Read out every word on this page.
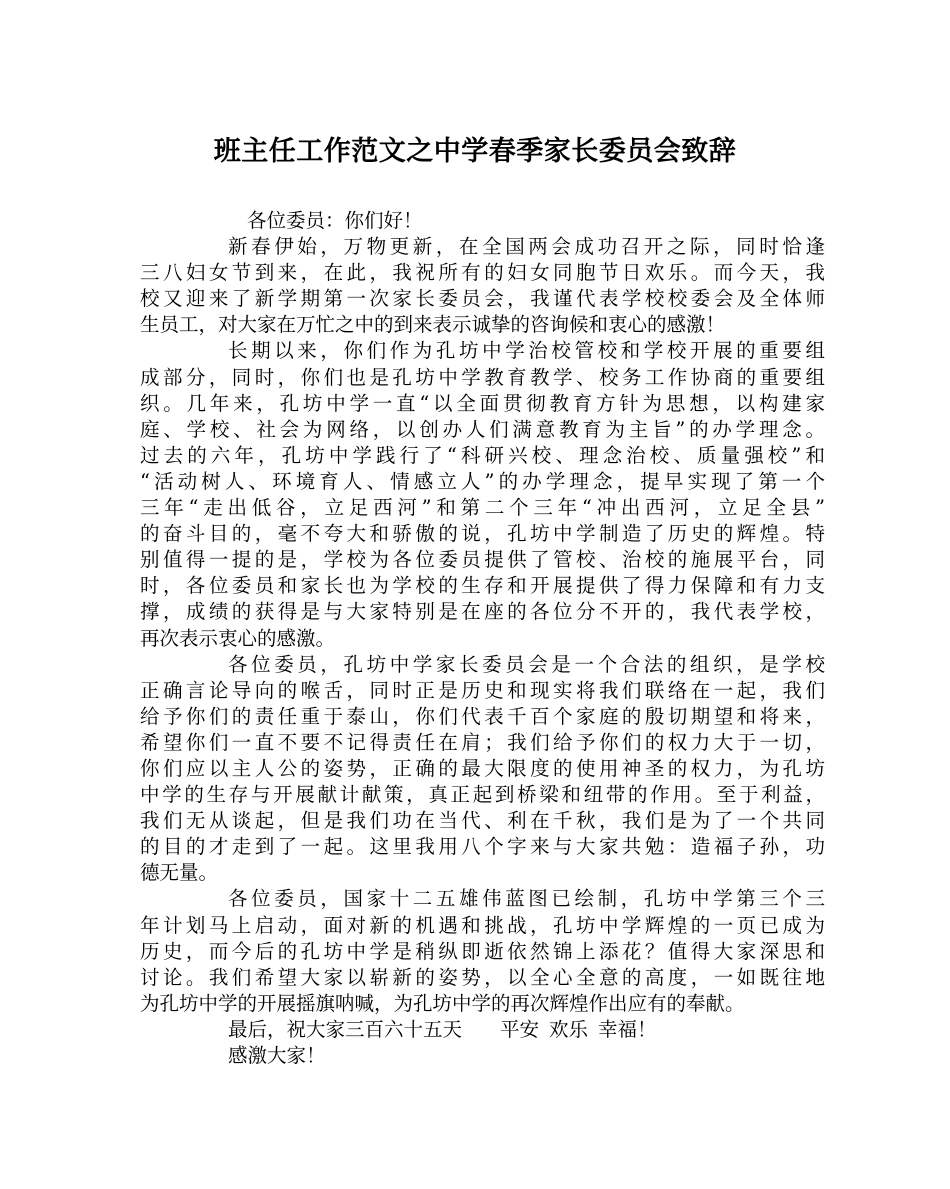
班主任工作范文之中学春季家长委员会致辞
各位委员：你们好！
新春伊始，万物更新，在全国两会成功召开之际，同时恰逢
三八妇女节到来，在此，我祝所有的妇女同胞节日欢乐。而今天，我
校又迎来了新学期第一次家长委员会，我谨代表学校校委会及全体师
生员工，对大家在万忙之中的到来表示诚挚的咨询候和衷心的感激！
长期以来，你们作为孔坊中学治校管校和学校开展的重要组
成部分，同时，你们也是孔坊中学教育教学、校务工作协商的重要组
织。几年来，孔坊中学一直“以全面贯彻教育方针为思想，以构建家
庭、学校、社会为网络，以创办人们满意教育为主旨”的办学理念。
过去的六年，孔坊中学践行了“科研兴校、理念治校、质量强校”和
“活动树人、环境育人、情感立人”的办学理念，提早实现了第一个
三年“走出低谷，立足西河”和第二个三年“冲出西河，立足全县”
的奋斗目的，毫不夸大和骄傲的说，孔坊中学制造了历史的辉煌。特
别值得一提的是，学校为各位委员提供了管校、治校的施展平台，同
时，各位委员和家长也为学校的生存和开展提供了得力保障和有力支
撑，成绩的获得是与大家特别是在座的各位分不开的，我代表学校，
再次表示衷心的感激。
各位委员，孔坊中学家长委员会是一个合法的组织，是学校
正确言论导向的喉舌，同时正是历史和现实将我们联络在一起，我们
给予你们的责任重于泰山，你们代表千百个家庭的殷切期望和将来，
希望你们一直不要不记得责任在肩；我们给予你们的权力大于一切，
你们应以主人公的姿势，正确的最大限度的使用神圣的权力，为孔坊
中学的生存与开展献计献策，真正起到桥梁和纽带的作用。至于利益，
我们无从谈起，但是我们功在当代、利在千秋，我们是为了一个共同
的目的才走到了一起。这里我用八个字来与大家共勉：造福子孙，功
德无量。
各位委员，国家十二五雄伟蓝图已绘制，孔坊中学第三个三
年计划马上启动，面对新的机遇和挑战，孔坊中学辉煌的一页已成为
历史，而今后的孔坊中学是稍纵即逝依然锦上添花？值得大家深思和
讨论。我们希望大家以崭新的姿势，以全心全意的高度，一如既往地
为孔坊中学的开展摇旗呐喊，为孔坊中学的再次辉煌作出应有的奉献。
最后，祝大家三百六十五天 平安 欢乐 幸福！
感激大家！
